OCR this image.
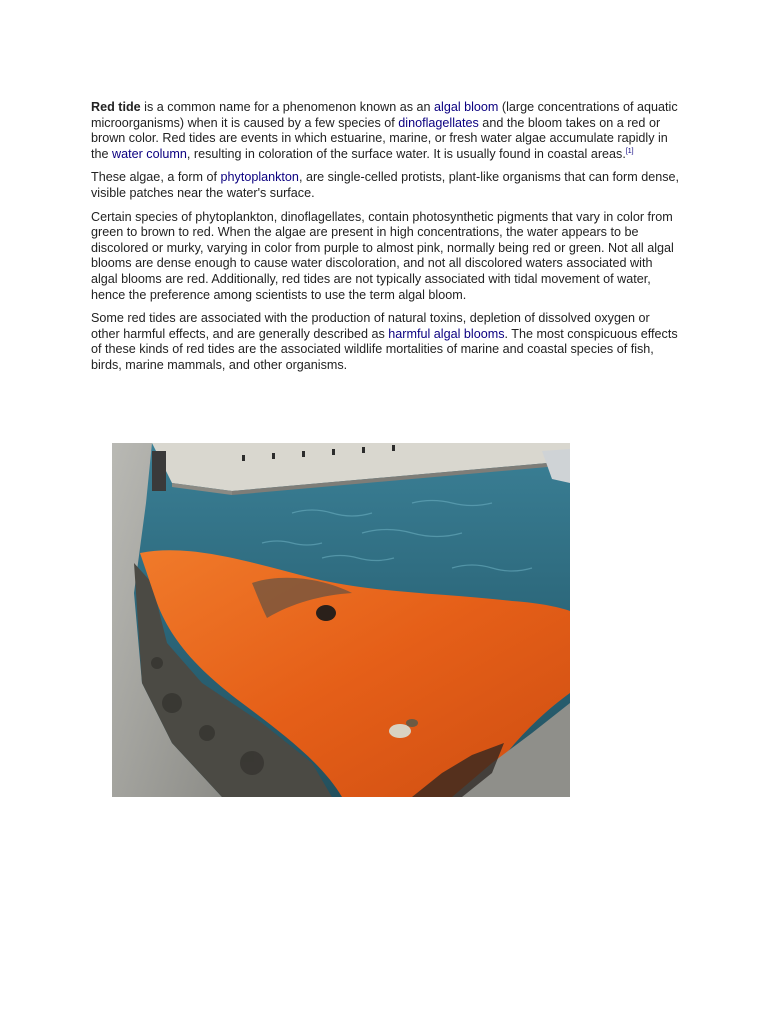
Red tide is a common name for a phenomenon known as an algal bloom (large concentrations of aquatic microorganisms) when it is caused by a few species of dinoflagellates and the bloom takes on a red or brown color. Red tides are events in which estuarine, marine, or fresh water algae accumulate rapidly in the water column, resulting in coloration of the surface water. It is usually found in coastal areas.[1]

These algae, a form of phytoplankton, are single-celled protists, plant-like organisms that can form dense, visible patches near the water's surface.

Certain species of phytoplankton, dinoflagellates, contain photosynthetic pigments that vary in color from green to brown to red. When the algae are present in high concentrations, the water appears to be discolored or murky, varying in color from purple to almost pink, normally being red or green. Not all algal blooms are dense enough to cause water discoloration, and not all discolored waters associated with algal blooms are red. Additionally, red tides are not typically associated with tidal movement of water, hence the preference among scientists to use the term algal bloom.

Some red tides are associated with the production of natural toxins, depletion of dissolved oxygen or other harmful effects, and are generally described as harmful algal blooms. The most conspicuous effects of these kinds of red tides are the associated wildlife mortalities of marine and coastal species of fish, birds, marine mammals, and other organisms.
